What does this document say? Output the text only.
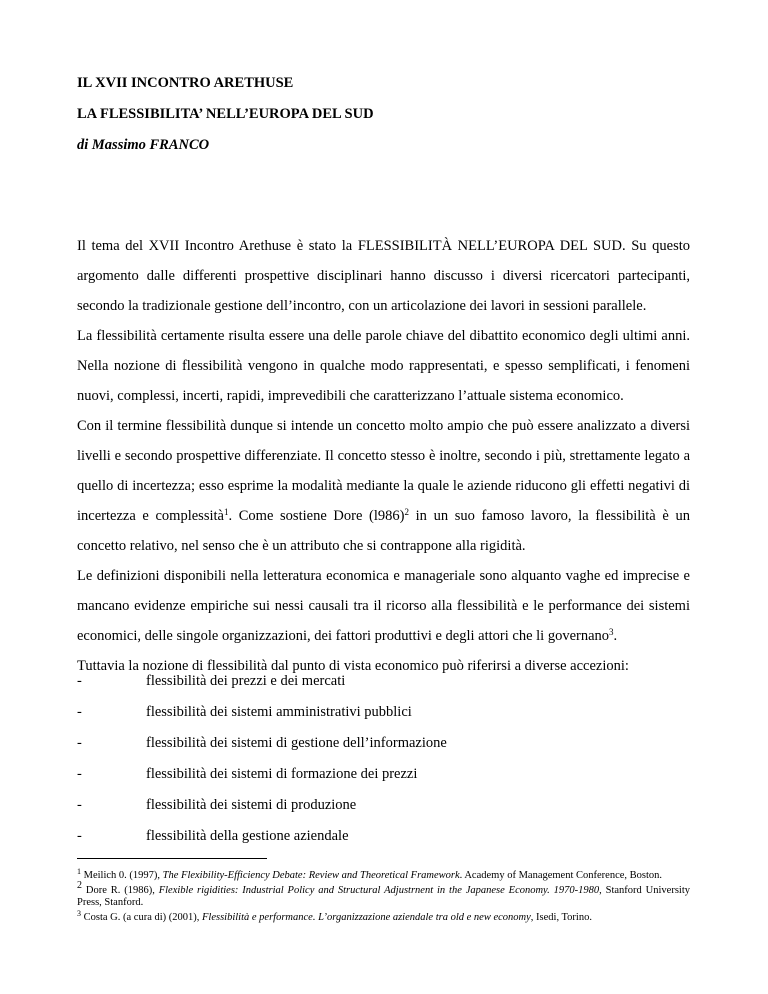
IL XVII INCONTRO ARETHUSE
LA FLESSIBILITA’ NELL’EUROPA DEL SUD
di Massimo FRANCO

Il tema del XVII Incontro Arethuse è stato la FLESSIBILITÀ NELL’EUROPA DEL SUD. Su questo argomento dalle differenti prospettive disciplinari hanno discusso i diversi ricercatori partecipanti, secondo la tradizionale gestione dell’incontro, con un articolazione dei lavori in sessioni parallele.

La flessibilità certamente risulta essere una delle parole chiave del dibattito economico degli ultimi anni. Nella nozione di flessibilità vengono in qualche modo rappresentati, e spesso semplificati, i fenomeni nuovi, complessi, incerti, rapidi, imprevedibili che caratterizzano l’attuale sistema economico.

Con il termine flessibilità dunque si intende un concetto molto ampio che può essere analizzato a diversi livelli e secondo prospettive differenziate. Il concetto stesso è inoltre, secondo i più, strettamente legato a quello di incertezza; esso esprime la modalità mediante la quale le aziende riducono gli effetti negativi di incertezza e complessità$^1$. Come sostiene Dore $(l986)^2$ in un suo famoso lavoro, la flessibilità è un concetto relativo, nel senso che è un attributo che si contrappone alla rigidità.

Le definizioni disponibili nella letteratura economica e manageriale sono alquanto vaghe ed imprecise e mancano evidenze empiriche sui nessi causali tra il ricorso alla flessibilità e le performance dei sistemi economici, delle singole organizzazioni, dei fattori produttivi e degli attori che li governano$^3$.

Tuttavia la nozione di flessibilità dal punto di vista economico può riferirsi a diverse accezioni:

-	flessibilità dei prezzi e dei mercati
-	flessibilità dei sistemi amministrativi pubblici
-	flessibilità dei sistemi di gestione dell’informazione
-	flessibilità dei sistemi di formazione dei prezzi
-	flessibilità dei sistemi di produzione
-	flessibilità della gestione aziendale

$^1$ Meilich 0. (1997), The Flexibility-Efficiency Debate: Review and Theoretical Framework. Academy of Management Conference, Boston.

$^2$ Dore R. (1986), Flexible rigidities: Industrial Policy and Structural Adjustrnent in the Japanese Economy. 1970-1980, Stanford University Press, Stanford.

$^3$ Costa G. (a cura di) (2001), Flessibilità e performance. L’organizzazione aziendale tra old e new economy, Isedi, Torino.
